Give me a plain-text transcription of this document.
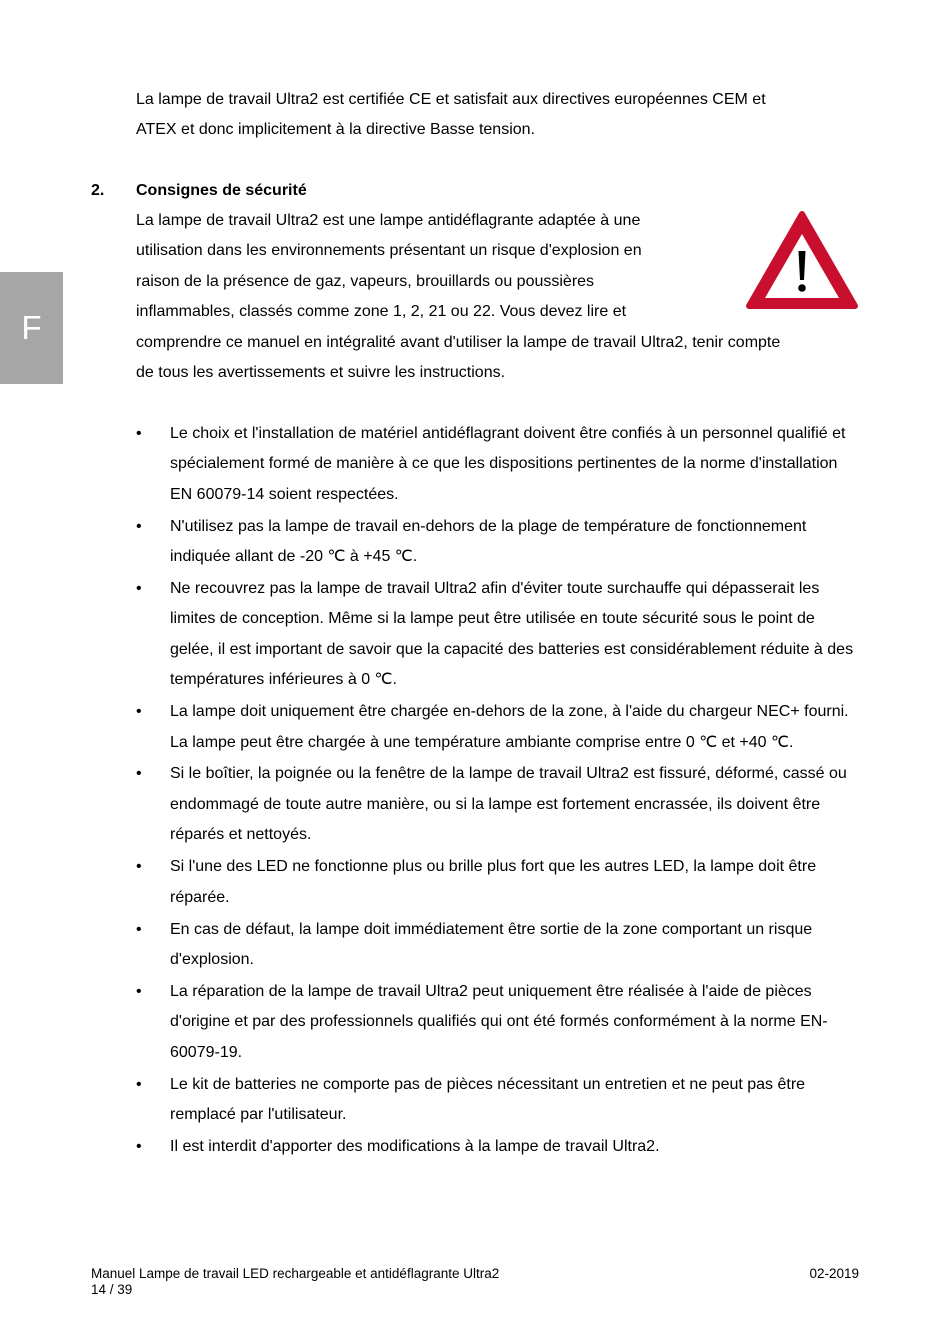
F
La lampe de travail Ultra2 est certifiée CE et satisfait aux directives européennes CEM et
ATEX et donc implicitement à la directive Basse tension.
2. Consignes de sécurité
La lampe de travail Ultra2 est une lampe antidéflagrante adaptée à une
utilisation dans les environnements présentant un risque d'explosion en
raison de la présence de gaz, vapeurs, brouillards ou poussières
inflammables, classés comme zone 1, 2, 21 ou 22. Vous devez lire et
comprendre ce manuel en intégralité avant d'utiliser la lampe de travail Ultra2, tenir compte
de tous les avertissements et suivre les instructions.
•	Le choix et l'installation de matériel antidéflagrant doivent être confiés à un personnel qualifié et spécialement formé de manière à ce que les dispositions pertinentes de la norme d'installation EN 60079-14 soient respectées.
•	N'utilisez pas la lampe de travail en-dehors de la plage de température de fonctionnement indiquée allant de -20 ℃ à +45 ℃.
•	Ne recouvrez pas la lampe de travail Ultra2 afin d'éviter toute surchauffe qui dépasserait les limites de conception. Même si la lampe peut être utilisée en toute sécurité sous le point de gelée, il est important de savoir que la capacité des batteries est considérablement réduite à des températures inférieures à 0 ℃.
•	La lampe doit uniquement être chargée en-dehors de la zone, à l'aide du chargeur NEC+ fourni. La lampe peut être chargée à une température ambiante comprise entre 0 ℃ et +40 ℃.
•	Si le boîtier, la poignée ou la fenêtre de la lampe de travail Ultra2 est fissuré, déformé, cassé ou endommagé de toute autre manière, ou si la lampe est fortement encrassée, ils doivent être réparés et nettoyés.
•	Si l'une des LED ne fonctionne plus ou brille plus fort que les autres LED, la lampe doit être réparée.
•	En cas de défaut, la lampe doit immédiatement être sortie de la zone comportant un risque d'explosion.
•	La réparation de la lampe de travail Ultra2 peut uniquement être réalisée à l'aide de pièces d'origine et par des professionnels qualifiés qui ont été formés conformément à la norme EN-60079-19.
•	Le kit de batteries ne comporte pas de pièces nécessitant un entretien et ne peut pas être remplacé par l'utilisateur.
•	Il est interdit d'apporter des modifications à la lampe de travail Ultra2.
Manuel Lampe de travail LED rechargeable et antidéflagrante Ultra2
14 / 39
02-2019
